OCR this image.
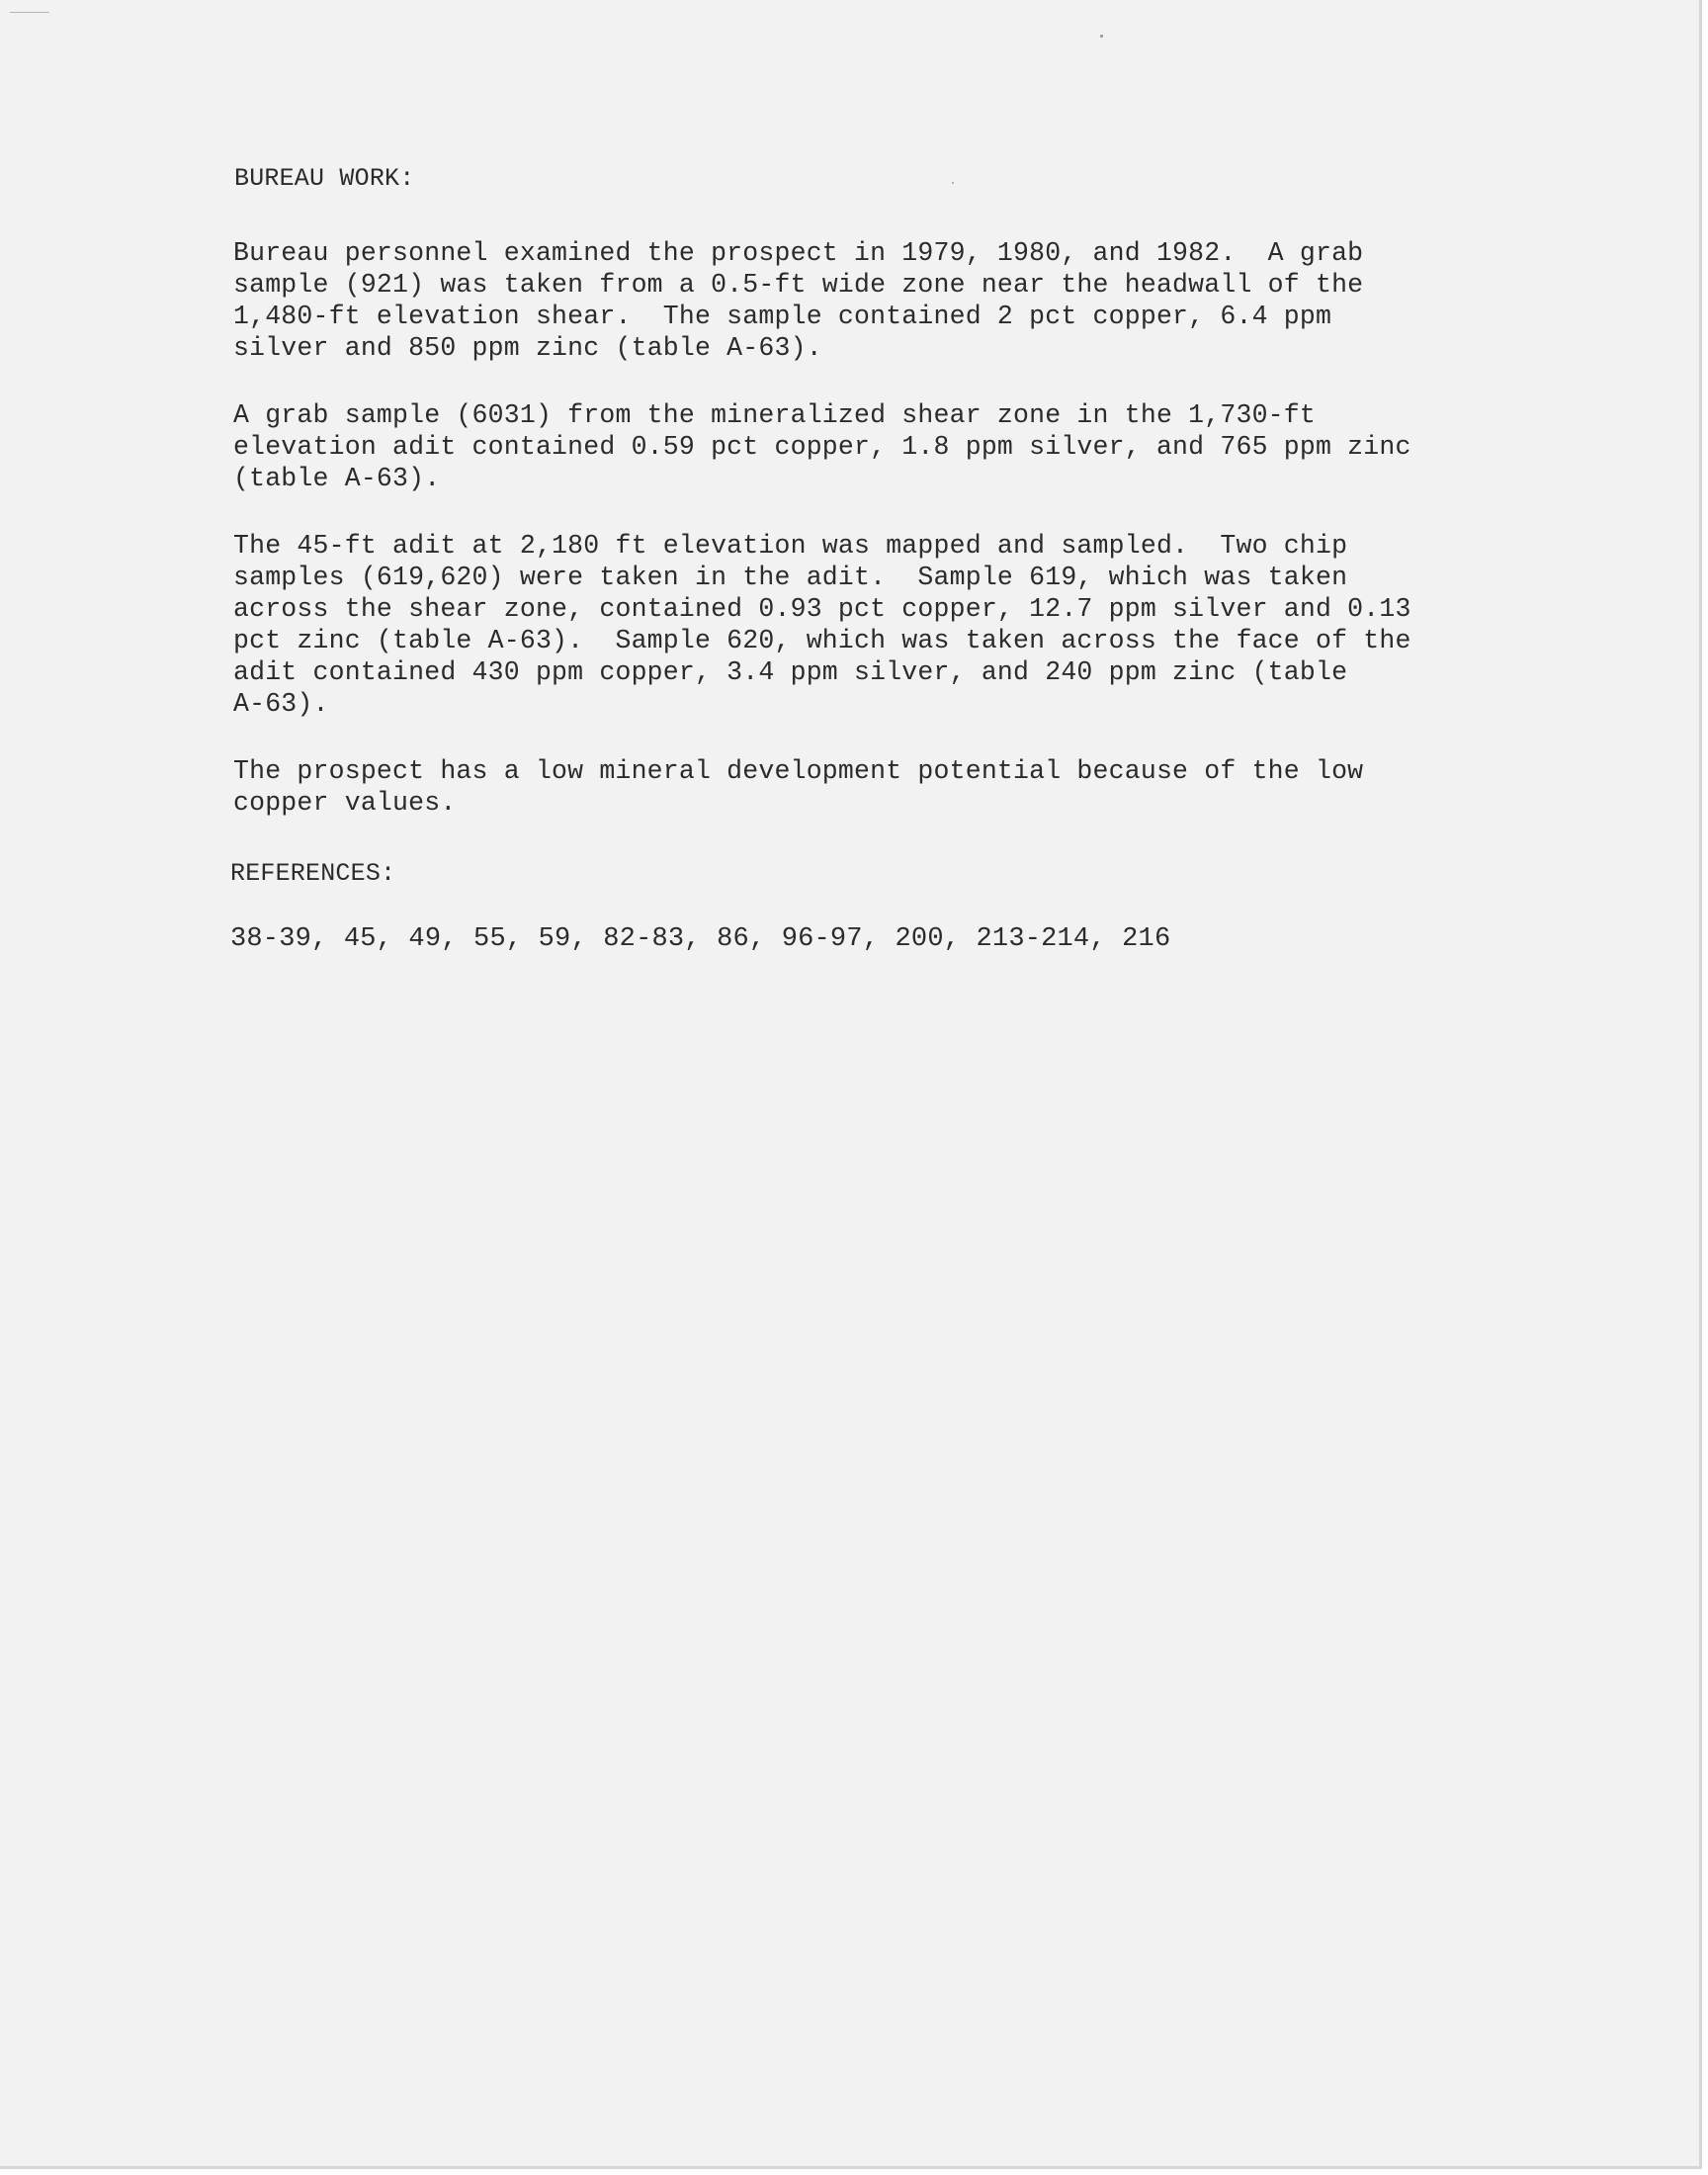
BUREAU WORK:
Bureau personnel examined the prospect in 1979, 1980, and 1982.  A grab
sample (921) was taken from a 0.5-ft wide zone near the headwall of the
1,480-ft elevation shear.  The sample contained 2 pct copper, 6.4 ppm
silver and 850 ppm zinc (table A-63).
A grab sample (6031) from the mineralized shear zone in the 1,730-ft
elevation adit contained 0.59 pct copper, 1.8 ppm silver, and 765 ppm zinc
(table A-63).
The 45-ft adit at 2,180 ft elevation was mapped and sampled.  Two chip
samples (619,620) were taken in the adit.  Sample 619, which was taken
across the shear zone, contained 0.93 pct copper, 12.7 ppm silver and 0.13
pct zinc (table A-63).  Sample 620, which was taken across the face of the
adit contained 430 ppm copper, 3.4 ppm silver, and 240 ppm zinc (table
A-63).
The prospect has a low mineral development potential because of the low
copper values.
REFERENCES:
38-39, 45, 49, 55, 59, 82-83, 86, 96-97, 200, 213-214, 216
